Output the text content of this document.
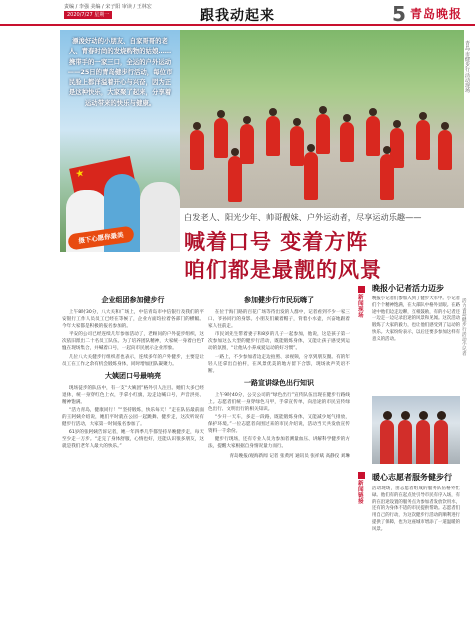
责编 / 李强 美编 / 宋子阳 审读 / 王林宏
2020/7/27 星期一	跟我动起来	5 青岛晚报
漂浚好动的小朋友、自家哥哥的老人、青春时尚的发烧购物的姑娘……携带手的一家三口，全运的户外运动——25日的青岛健步行活动，每位市民脸上都洋溢着开心与兴奋，因为正是这种快乐，大家聚了起来，分享着运动带来的快乐与健康。
★
摄下心愿你最美
青岛市健步行活动现场
白发老人、阳光少年、帅哥靓妹、户外运动者，尽享运动乐趣——
喊着口号 变着方阵
咱们都是最靓的风景
企业组团参加健步行

上午8时30分，八大关和广场上，中信青岛市中信银行及我们的平安银行工作人员员工已经在等候了，企业方面均拉着各部门的横幅。今年大家都是积极的报名参加的。

平安的公司已经连续几年参加活动了，老顾问的户外徒步组织，这次依旧派出二十名员工队伍。为了培养团队精神，大家统一身着白色T恤在现场集合，并喊着口号，一起向市民展示企业形象。

几位八大关健步行组织者也表示，连续多年的户外健步，主要是让员工在工作之余有机会锻炼身体，同时增加团队凝聚力。

大姨团口号最响亮

现场徒步的队伍中，有一支“大姨团”格外引人注目。她们大多已经退休，统一身穿红色上衣，手拿小红旗，边走边喊口号，声音洪亮、精神饱满。

“活力青岛，健康同行！”“坚持锻炼，快乐每天！”走在队伍最前面的王阿姨介绍说，她们平时就在公园一起跳舞、健步走，这次听说有健步行活动，大家第一时间报名参加了。

61岁的张阿姨告诉记者，她一年四季几乎都坚持早晚健步走，每天至少走一万步。“走完了身体舒服，心情也好，还能认识很多朋友，这就是我们老年人最大的快乐。”

参加健步行市民玩嗨了

在位于海门路的百花广场等待出发的人群中，记者看到不少一家三口、爷孙同行的身影。小朋友们戴着帽子，背着小水壶，兴奋地跟着家人往前走。

市民刘先生带着妻子和8岁的儿子一起参加，他说，这是孩子第一次参加这么大型的健步行活动，既能锻炼身体，又能让孩子感受到运动的氛围，“让他从小养成爱运动的好习惯”。

一路上，不少参加者边走边拍照、录视频，分享到朋友圈。有的年轻人还拿出自拍杆，在风景优美的地方留下合影，现场欢声笑语不断。

一路宣讲绿色出行知识

上午9时40分，公交公司的“绿色出行”宣传队伍出现在健步行路线上。志愿者们统一身穿绿色马甲，手拿宣传单，向沿途的市民宣传绿色出行、文明出行的相关知识。

“少开一天车，多走一段路，既能锻炼身体，又能减少尾气排放，保护环境。”一位志愿者向围过来的市民介绍说，活动当天共发放宣传资料一千余份。

健步行现场，还有专业人员为参加者测量血压、讲解科学健步的方法，提醒大家根据自身情况量力而行。

青岛晚报/观海新闻 记者 张黄河 通讯员 张祥斌 高静仪 刘琳
新闻现场
晚报小记者活力迈步
晚报小记者们参加入到了健步大军中。小记者们个个精神饱满，在大部队中格外显眼。在路途中他们边走边聊，互相鼓励，有的小记者还一边走一边记录沿途的风景和见闻。这次活动锻炼了大家的毅力，也让他们感受到了运动的快乐。大家纷纷表示，以后还要多参加这样有意义的活动。
活力青岛健步行活动小记者
新闻链接
暖心志愿者服务健步行
活动现场，由志愿者组成的服务队伍格外忙碌。他们有的在起点处引导市民有序入场，有的在沿途设置的服务点为参加者发放饮用水，还有的为身体不适的市民提供帮助。志愿者们用自己的行动，为这次健步行活动的顺利进行提供了保障，也为这座城市增添了一道温暖的风景。
